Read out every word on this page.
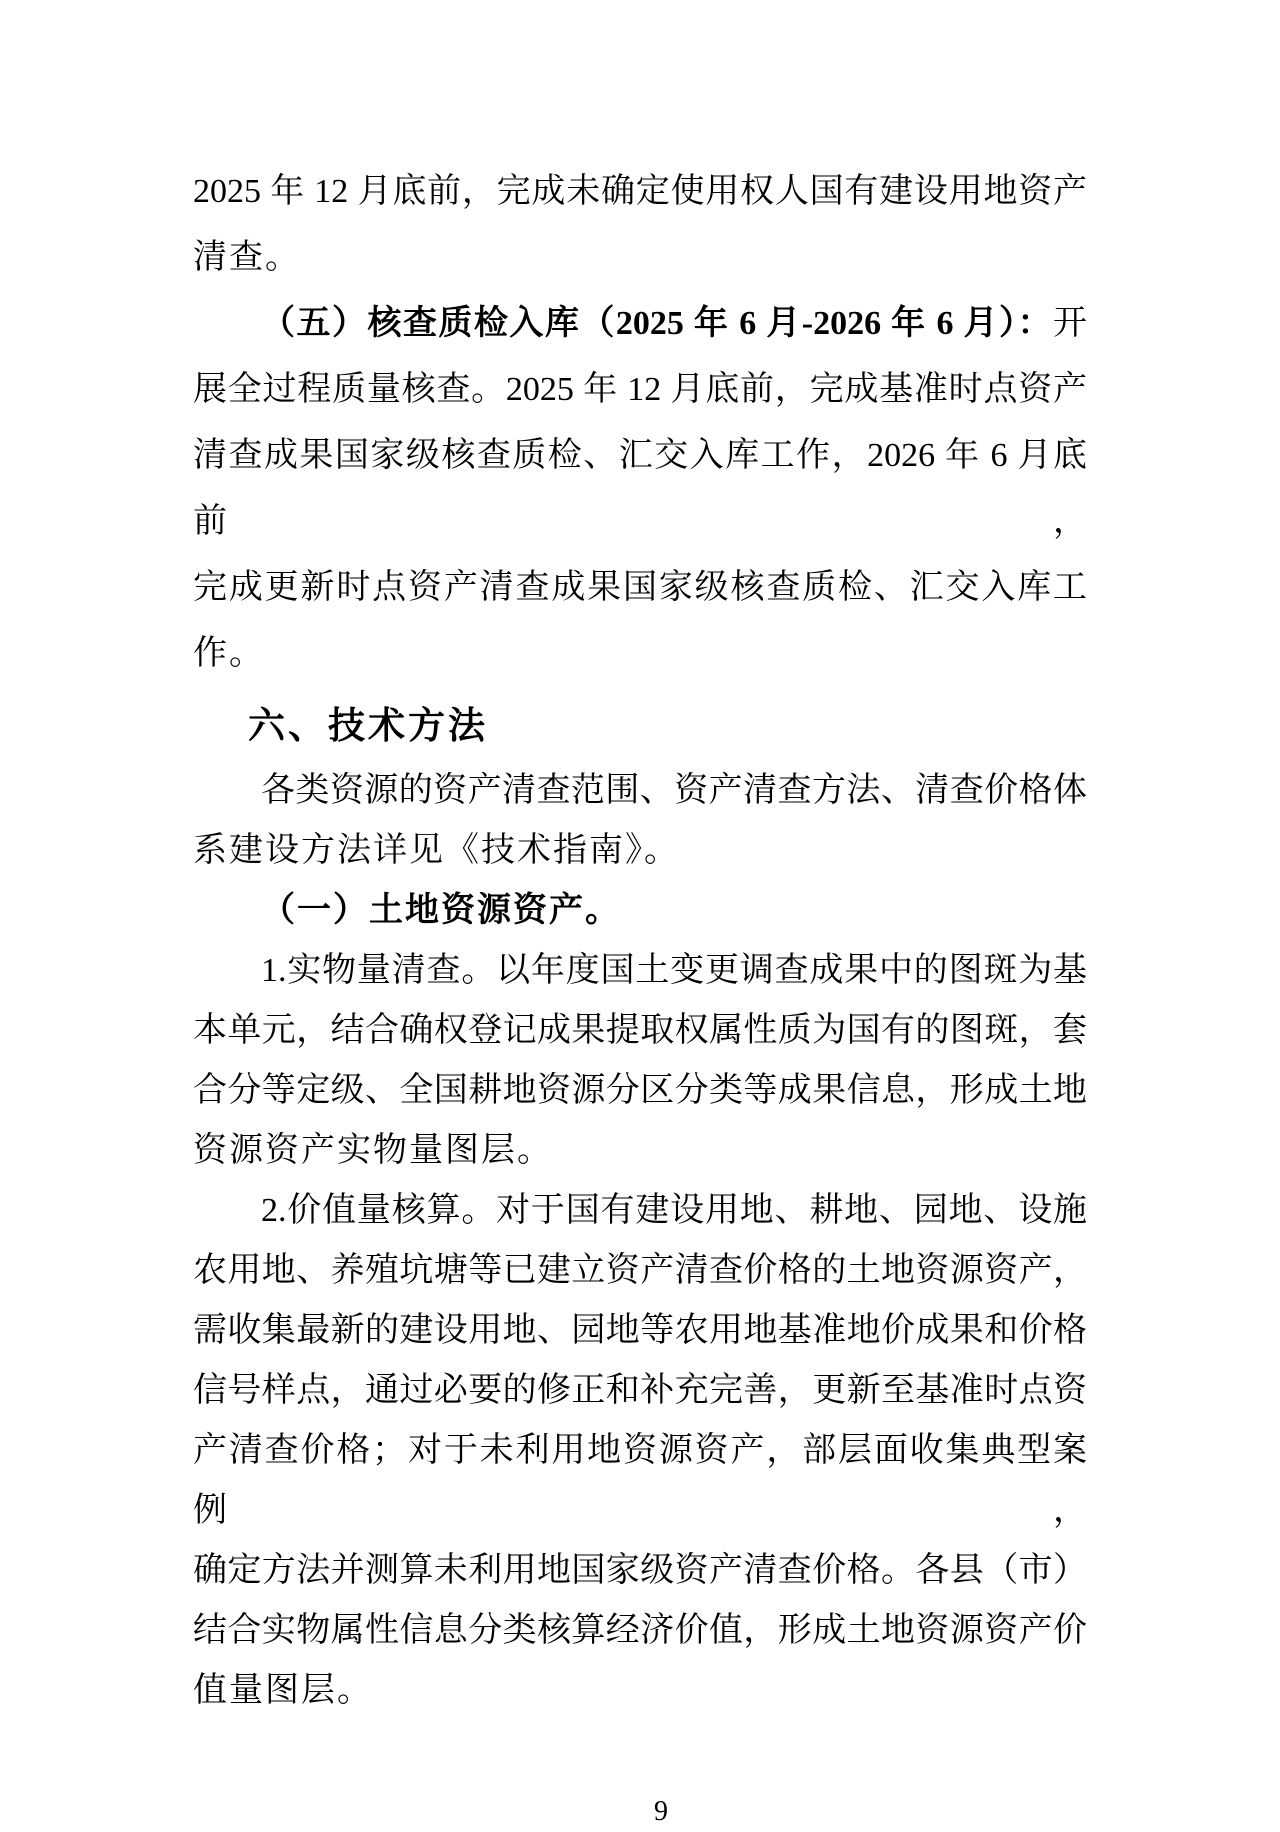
2025 年 12 月底前，完成未确定使用权人国有建设用地资产
清查。
（五）核查质检入库（2025 年 6 月-2026 年 6 月）：开
展全过程质量核查。2025 年 12 月底前，完成基准时点资产
清查成果国家级核查质检、汇交入库工作，2026 年 6 月底前，
完成更新时点资产清查成果国家级核查质检、汇交入库工
作。
六、技术方法
各类资源的资产清查范围、资产清查方法、清查价格体
系建设方法详见《技术指南》。
（一）土地资源资产。
1.实物量清查。以年度国土变更调查成果中的图斑为基
本单元，结合确权登记成果提取权属性质为国有的图斑，套
合分等定级、全国耕地资源分区分类等成果信息，形成土地
资源资产实物量图层。
2.价值量核算。对于国有建设用地、耕地、园地、设施
农用地、养殖坑塘等已建立资产清查价格的土地资源资产，
需收集最新的建设用地、园地等农用地基准地价成果和价格
信号样点，通过必要的修正和补充完善，更新至基准时点资
产清查价格；对于未利用地资源资产，部层面收集典型案例，
确定方法并测算未利用地国家级资产清查价格。各县（市）
结合实物属性信息分类核算经济价值，形成土地资源资产价
值量图层。
9
